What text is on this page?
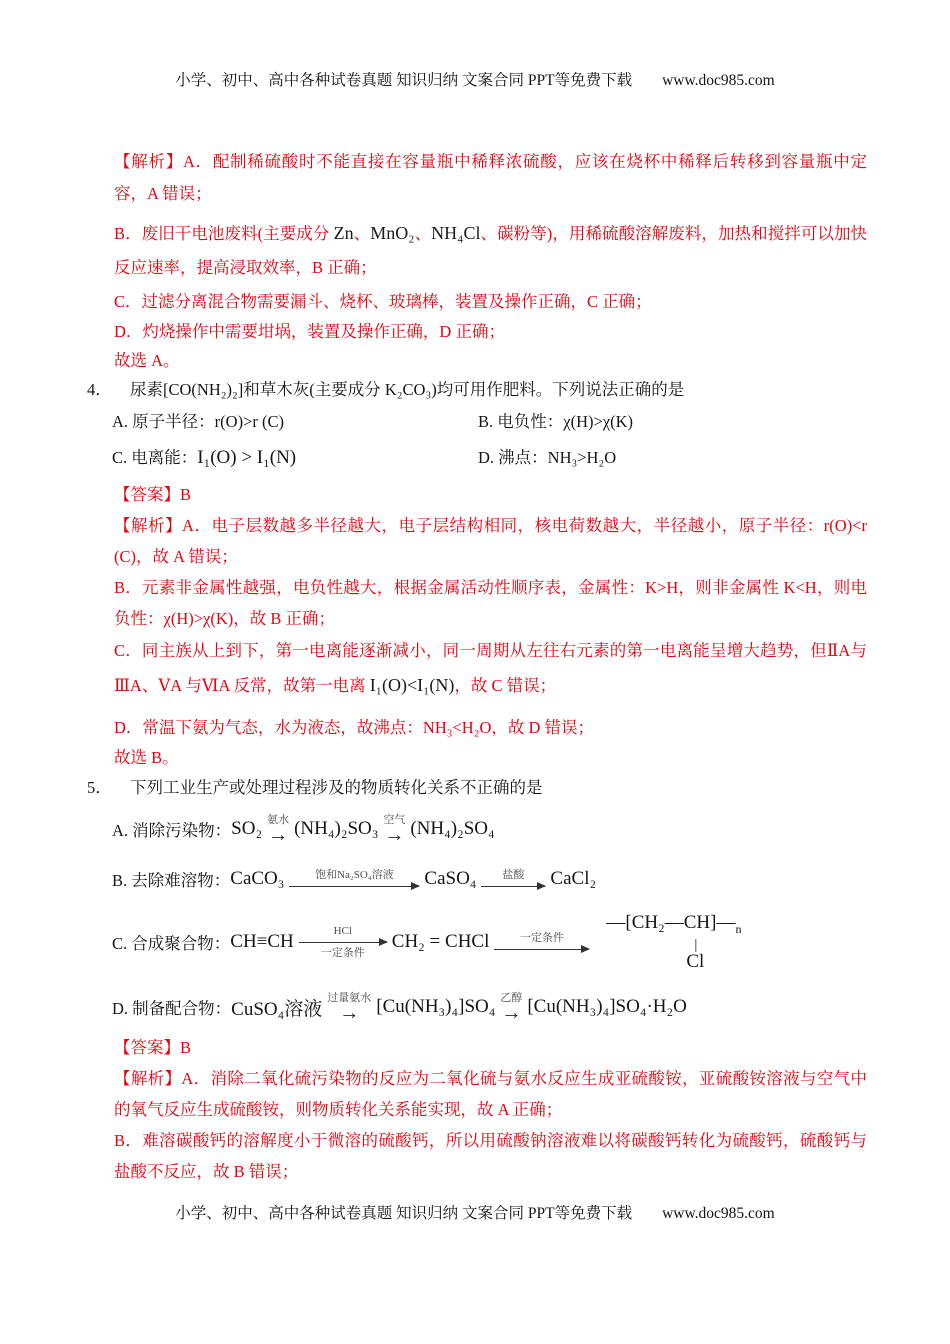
小学、初中、高中各种试卷真题 知识归纳 文案合同 PPT等免费下载 www.doc985.com
【解析】A．配制稀硫酸时不能直接在容量瓶中稀释浓硫酸，应该在烧杯中稀释后转移到容量瓶中定容，A 错误；
B．废旧干电池废料(主要成分 Zn、MnO₂、NH₄Cl、碳粉等)，用稀硫酸溶解废料，加热和搅拌可以加快反应速率，提高浸取效率，B 正确；
C．过滤分离混合物需要漏斗、烧杯、玻璃棒，装置及操作正确，C 正确；
D．灼烧操作中需要坩埚，装置及操作正确，D 正确；
故选 A。
4．	尿素[CO(NH₂)₂]和草木灰(主要成分 K₂CO₃)均可用作肥料。下列说法正确的是
A. 原子半径：r(O)>r (C)	B. 电负性：χ(H)>χ(K)
C. 电离能：I₁(O) > I₁(N)	D. 沸点：NH₃>H₂O
【答案】B
【解析】A．电子层数越多半径越大，电子层结构相同，核电荷数越大，半径越小，原子半径：r(O)<r (C)，故 A 错误；
B．元素非金属性越强，电负性越大，根据金属活动性顺序表，金属性：K>H，则非金属性 K<H，则电负性：χ(H)>χ(K)，故 B 正确；
C．同主族从上到下，第一电离能逐渐减小，同一周期从左往右元素的第一电离能呈增大趋势，但ⅡA与ⅢA、ⅤA 与ⅥA 反常，故第一电离 I₁(O)<I₁(N)，故 C 错误；
D．常温下氨为气态，水为液态，故沸点：NH₃<H₂O，故 D 错误；
故选 B。
5．	下列工业生产或处理过程涉及的物质转化关系不正确的是
A. 消除污染物： SO₂ 氨水
→ (NH₄)₂SO₃ 空气
→ (NH₄)₂SO₄
B. 去除难溶物： CaCO₃	饱和Na₂SO₄溶液 CaSO₄ 盐酸 CaCl₂
C. 合成聚合物： CH≡CH	HCl
一定条件
CH₂ = CHCl	一定条件
$—[CH_2—CH]—_n$
|
Cl
D. 制备配合物： CuSO₄溶液
过量氨水
→ [Cu(NH₃)₄]SO₄ 乙醇
→ [Cu(NH₃)₄]SO₄·H₂O
【答案】B
【解析】A．消除二氧化硫污染物的反应为二氧化硫与氨水反应生成亚硫酸铵，亚硫酸铵溶液与空气中的氧气反应生成硫酸铵，则物质转化关系能实现，故 A 正确；
B．难溶碳酸钙的溶解度小于微溶的硫酸钙，所以用硫酸钠溶液难以将碳酸钙转化为硫酸钙，硫酸钙与盐酸不反应，故 B 错误；
小学、初中、高中各种试卷真题 知识归纳 文案合同 PPT等免费下载 www.doc985.com
